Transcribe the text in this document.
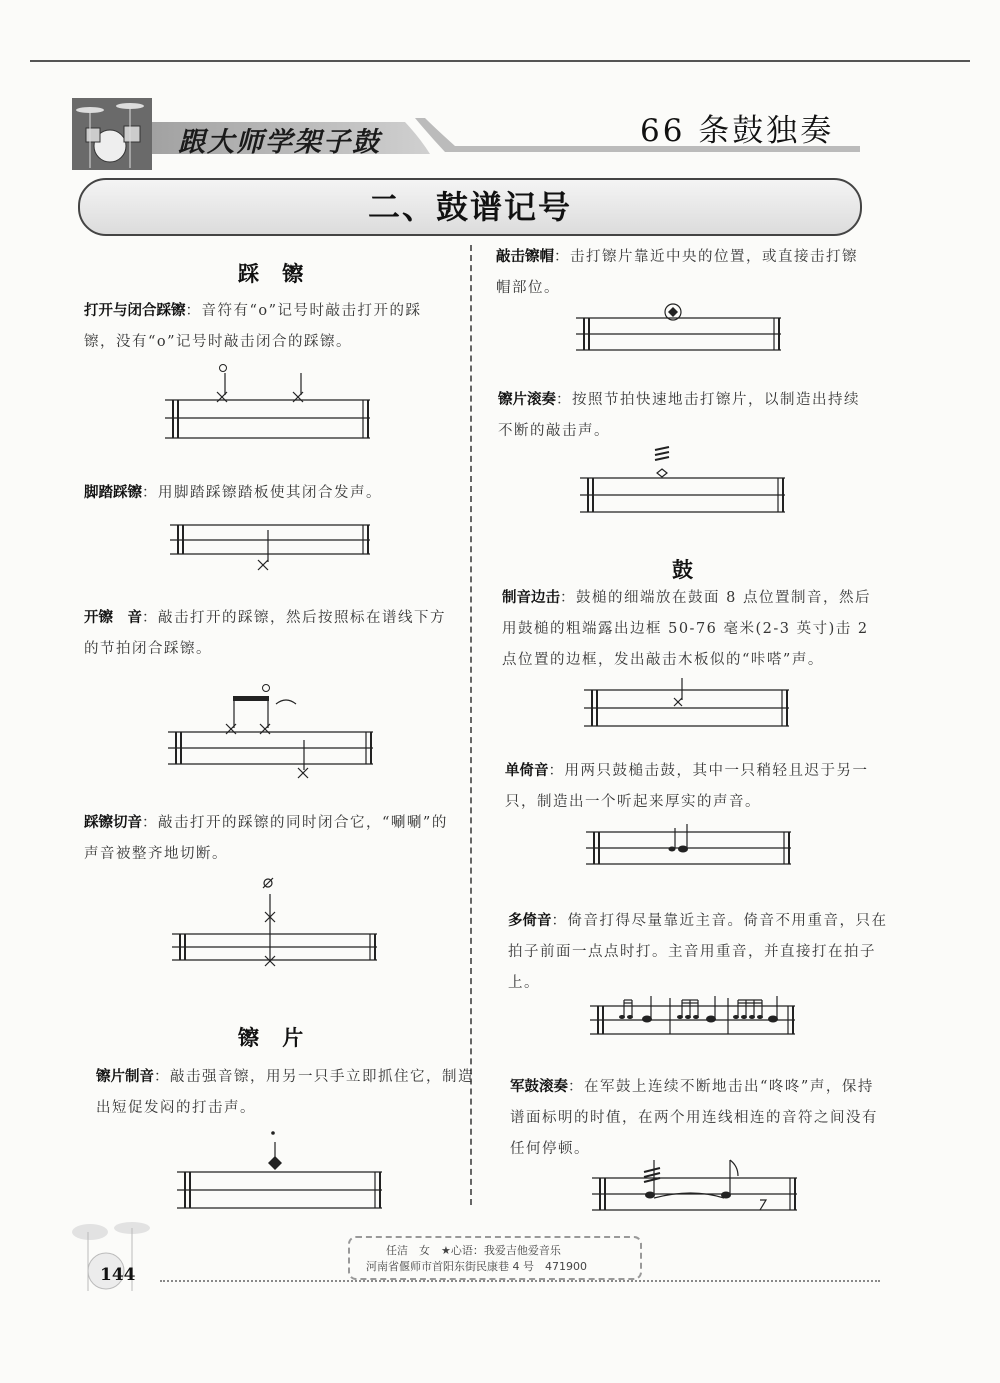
跟大师学架子鼓	66 条鼓独奏
二、鼓谱记号
踩 镲
打开与闭合踩镲：音符有“o”记号时敲击打开的踩
镲，没有“o”记号时敲击闭合的踩镲。
脚踏踩镲：用脚踏踩镲踏板使其闭合发声。
开镲　音：敲击打开的踩镲，然后按照标在谱线下方
的节拍闭合踩镲。
踩镲切音：敲击打开的踩镲的同时闭合它，“唰唰”的
声音被整齐地切断。
镲 片
镲片制音：敲击强音镲，用另一只手立即抓住它，制造
出短促发闷的打击声。
敲击镲帽：击打镲片靠近中央的位置，或直接击打镲
帽部位。
镲片滚奏：按照节拍快速地击打镲片，以制造出持续
不断的敲击声。
鼓
制音边击：鼓槌的细端放在鼓面 8 点位置制音，然后
用鼓槌的粗端露出边框 50-76 毫米(2-3 英寸)击 2
点位置的边框，发出敲击木板似的“咔嗒”声。
单倚音：用两只鼓槌击鼓，其中一只稍轻且迟于另一
只，制造出一个听起来厚实的声音。
多倚音：倚音打得尽量靠近主音。倚音不用重音，只在
拍子前面一点点时打。主音用重音，并直接打在拍子
上。
军鼓滚奏：在军鼓上连续不断地击出“咚咚”声，保持
谱面标明的时值，在两个用连线相连的音符之间没有
任何停顿。
144
任洁　女　★心语：我爱吉他爱音乐
河南省偃师市首阳东街民康巷 4 号　471900
